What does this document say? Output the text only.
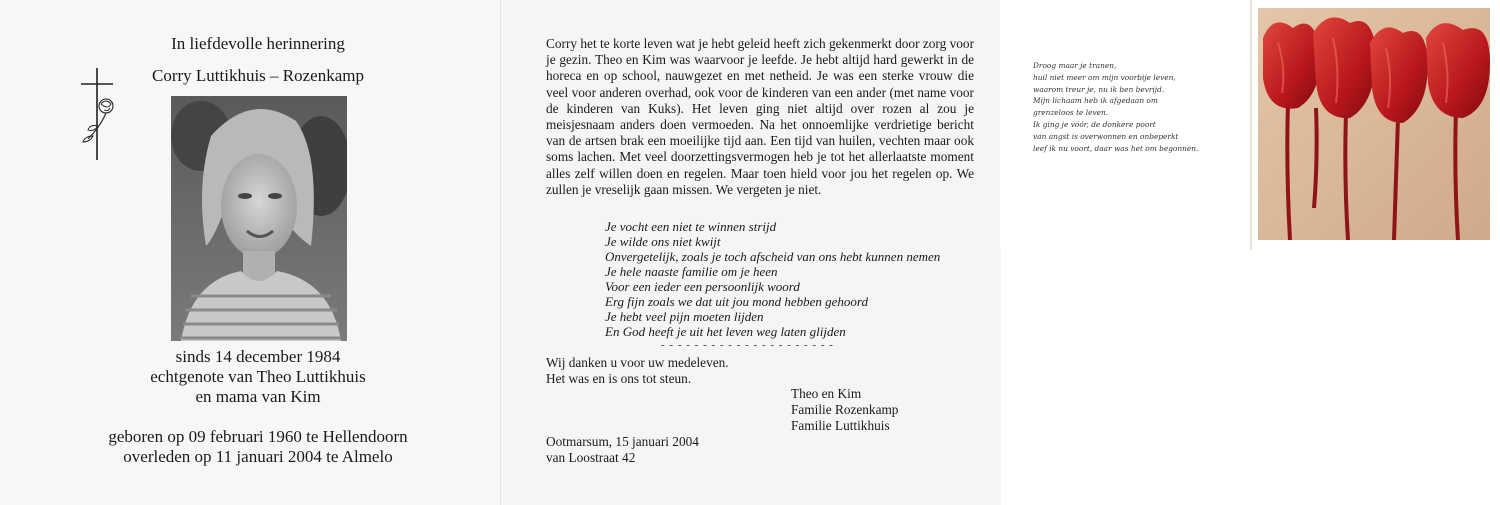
In liefdevolle herinnering
Corry Luttikhuis – Rozenkamp
sinds 14 december 1984
echtgenote van Theo Luttikhuis
en mama van Kim
geboren op 09 februari 1960 te Hellendoorn
overleden op 11 januari 2004 te Almelo
Corry het te korte leven wat je hebt geleid heeft zich gekenmerkt door zorg voor je gezin. Theo en Kim was waarvoor je leefde. Je hebt altijd hard gewerkt in de horeca en op school, nauwgezet en met netheid. Je was een sterke vrouw die veel voor anderen overhad, ook voor de kinderen van een ander (met name voor de kinderen van Kuks). Het leven ging niet altijd over rozen al zou je meisjesnaam anders doen vermoeden. Na het onnoemlijke verdrietige bericht van de artsen brak een moeilijke tijd aan. Een tijd van huilen, vechten maar ook soms lachen. Met veel doorzettingsvermogen heb je tot het allerlaatste moment alles zelf willen doen en regelen. Maar toen hield voor jou het regelen op. We zullen je vreselijk gaan missen. We vergeten je niet.
Je vocht een niet te winnen strijd
Je wilde ons niet kwijt
Onvergetelijk, zoals je toch afscheid van ons hebt kunnen nemen
Je hele naaste familie om je heen
Voor een ieder een persoonlijk woord
Erg fijn zoals we dat uit jou mond hebben gehoord
Je hebt veel pijn moeten lijden
En God heeft je uit het leven weg laten glijden
- - - - - - - - - - - - - - - - - - - - -
Wij danken u voor uw medeleven.
Het was en is ons tot steun.
Theo en Kim
Familie Rozenkamp
Familie Luttikhuis
Ootmarsum, 15 januari 2004
van Loostraat 42
Droog maar je tranen,
huil niet meer om mijn voorbije leven,
waarom treur je, nu ik ben bevrijd.
Mijn lichaam heb ik afgedaan om
grenzeloos te leven.
Ik ging je vóór, de donkere poort
van angst is overwonnen en onbeperkt
leef ik nu voort, daar was het om begonnen.
